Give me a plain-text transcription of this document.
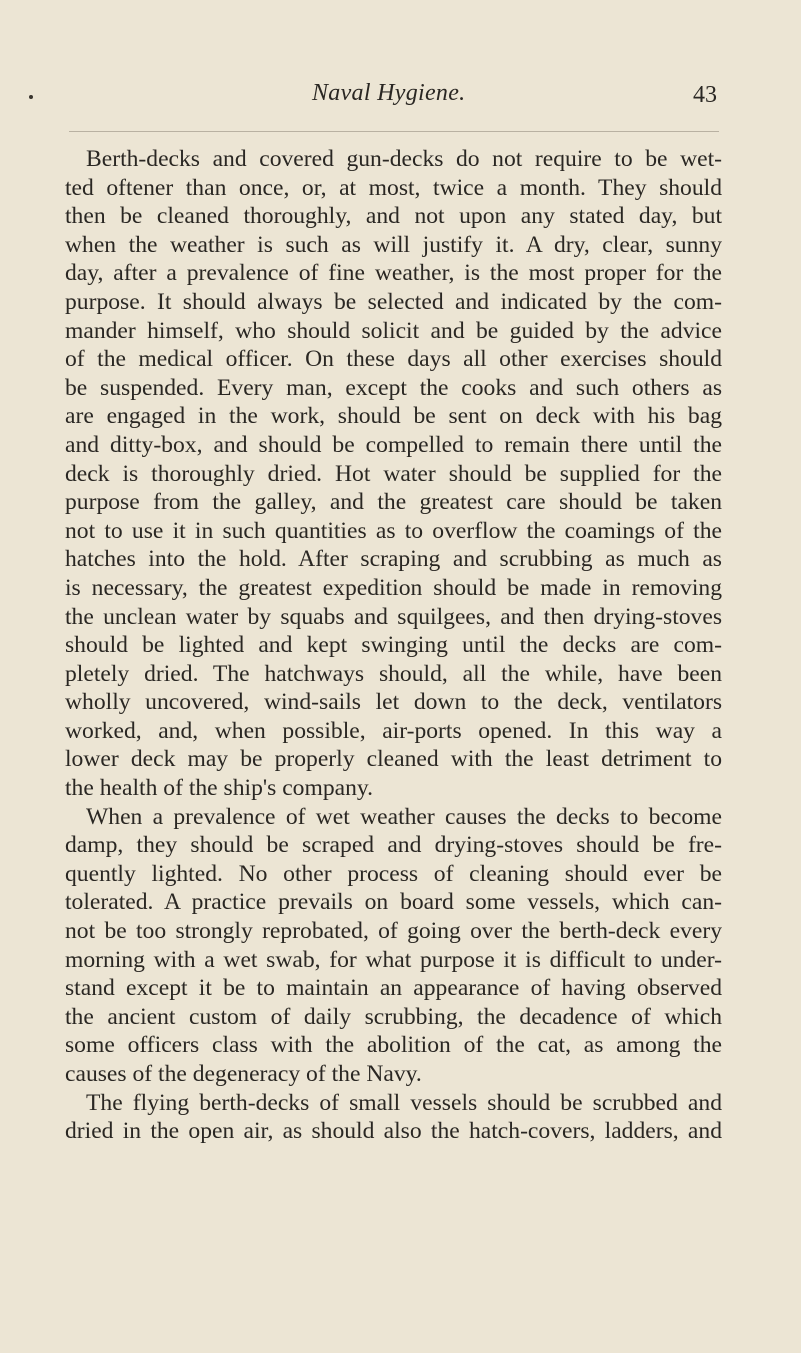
Naval Hygiene.	43
Berth-decks and covered gun-decks do not require to be wet-
ted oftener than once, or, at most, twice a month. They should
then be cleaned thoroughly, and not upon any stated day, but
when the weather is such as will justify it. A dry, clear, sunny
day, after a prevalence of fine weather, is the most proper for the
purpose. It should always be selected and indicated by the com-
mander himself, who should solicit and be guided by the advice
of the medical officer. On these days all other exercises should
be suspended. Every man, except the cooks and such others as
are engaged in the work, should be sent on deck with his bag
and ditty-box, and should be compelled to remain there until the
deck is thoroughly dried. Hot water should be supplied for the
purpose from the galley, and the greatest care should be taken
not to use it in such quantities as to overflow the coamings of the
hatches into the hold. After scraping and scrubbing as much as
is necessary, the greatest expedition should be made in removing
the unclean water by squabs and squilgees, and then drying-stoves
should be lighted and kept swinging until the decks are com-
pletely dried. The hatchways should, all the while, have been
wholly uncovered, wind-sails let down to the deck, ventilators
worked, and, when possible, air-ports opened. In this way a
lower deck may be properly cleaned with the least detriment to
the health of the ship's company.
When a prevalence of wet weather causes the decks to become
damp, they should be scraped and drying-stoves should be fre-
quently lighted. No other process of cleaning should ever be
tolerated. A practice prevails on board some vessels, which can-
not be too strongly reprobated, of going over the berth-deck every
morning with a wet swab, for what purpose it is difficult to under-
stand except it be to maintain an appearance of having observed
the ancient custom of daily scrubbing, the decadence of which
some officers class with the abolition of the cat, as among the
causes of the degeneracy of the Navy.
The flying berth-decks of small vessels should be scrubbed and
dried in the open air, as should also the hatch-covers, ladders, and
